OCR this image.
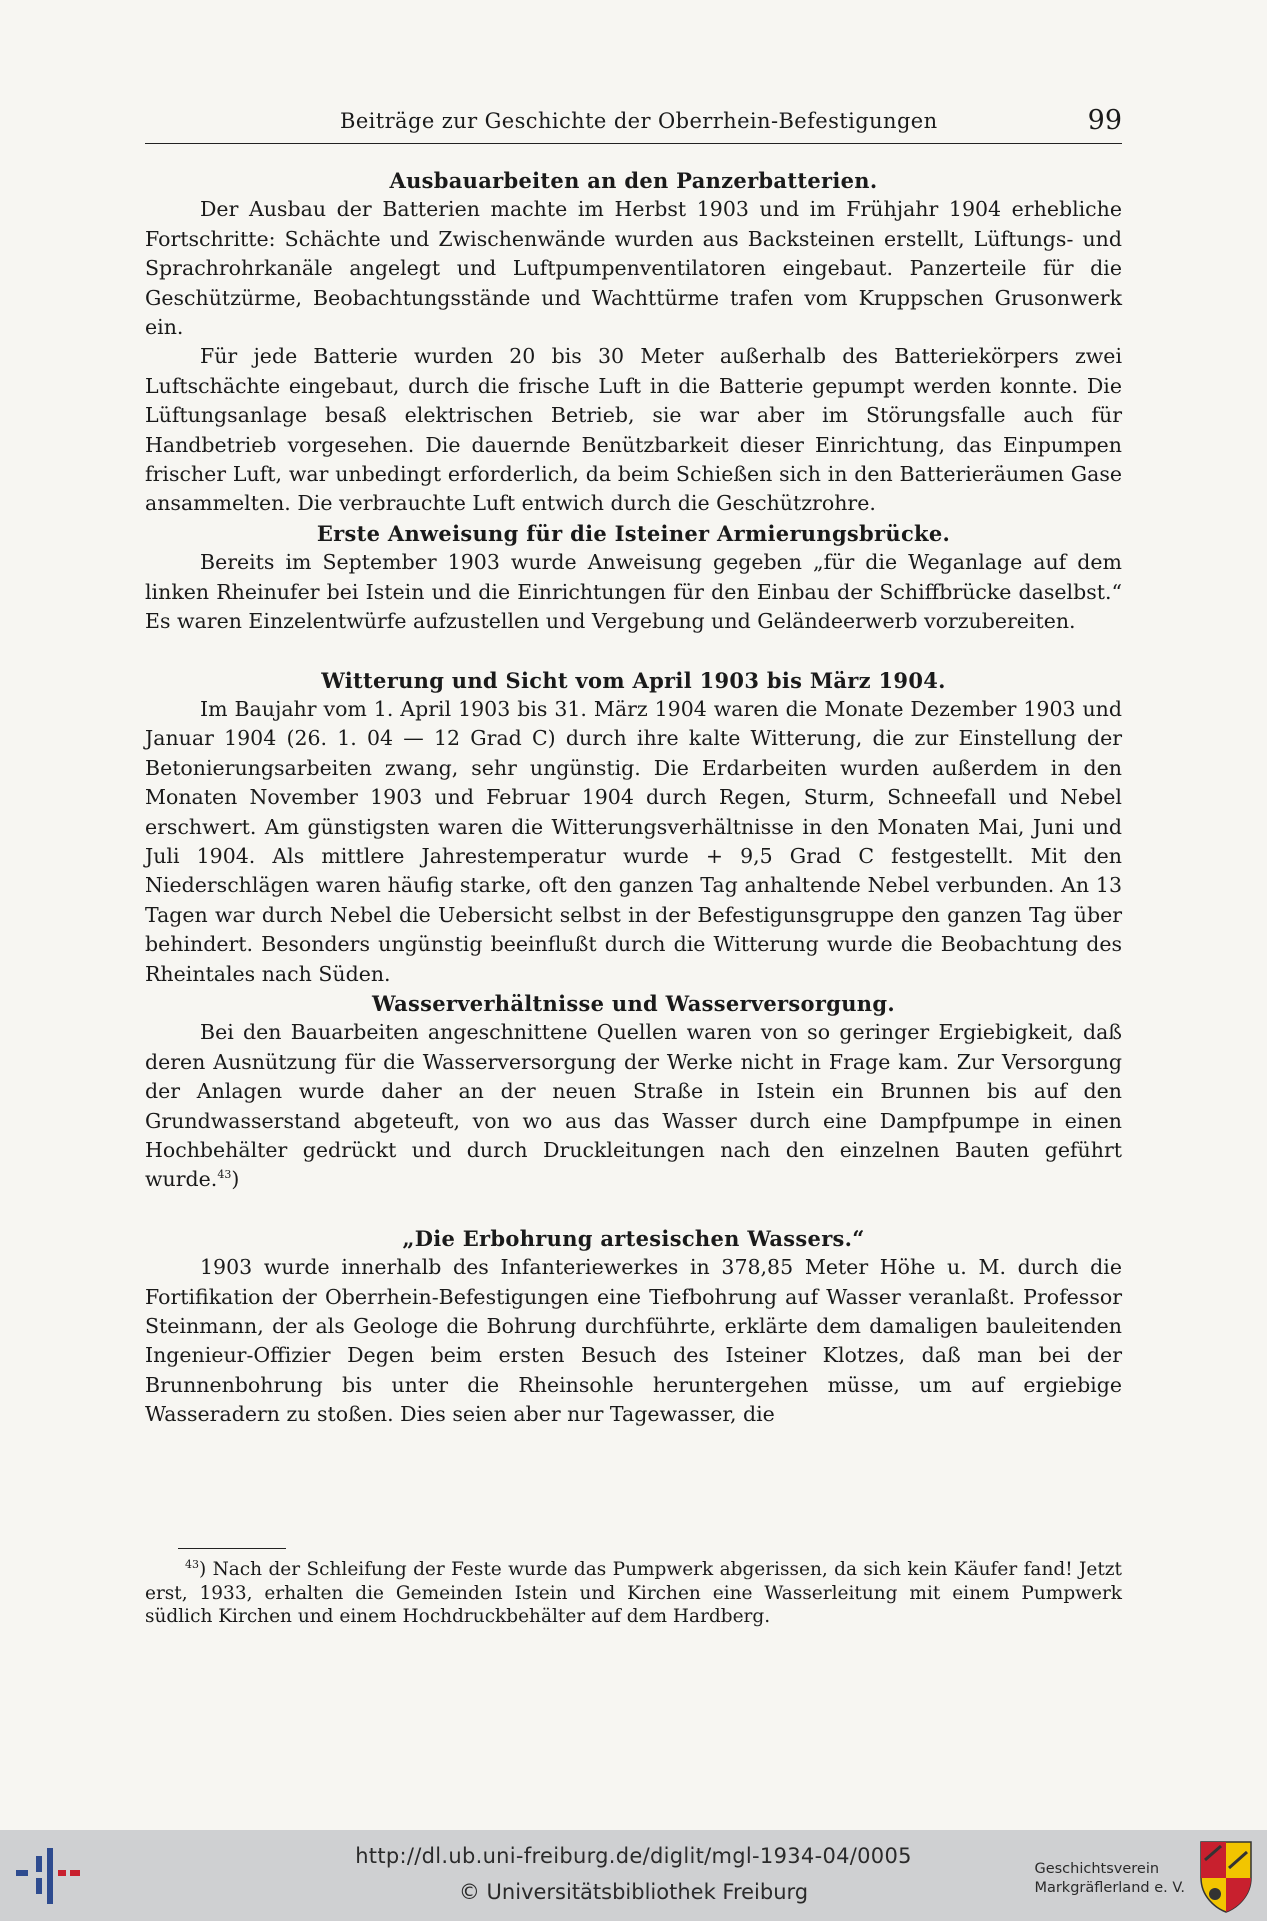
Beiträge zur Geschichte der Oberrhein-Befestigungen	99

Ausbauarbeiten an den Panzerbatterien.

Der Ausbau der Batterien machte im Herbst 1903 und im Frühjahr 1904 erhebliche Fortschritte: Schächte und Zwischenwände wurden aus Backsteinen erstellt, Lüftungs- und Sprachrohrkanäle angelegt und Luftpumpenventilatoren eingebaut. Panzerteile für die Geschützürme, Beobachtungsstände und Wachttürme trafen vom Kruppschen Grusonwerk ein.

Für jede Batterie wurden 20 bis 30 Meter außerhalb des Batteriekörpers zwei Luftschächte eingebaut, durch die frische Luft in die Batterie gepumpt werden konnte. Die Lüftungsanlage besaß elektrischen Betrieb, sie war aber im Störungsfalle auch für Handbetrieb vorgesehen. Die dauernde Benützbarkeit dieser Einrichtung, das Einpumpen frischer Luft, war unbedingt erforderlich, da beim Schießen sich in den Batterieräumen Gase ansammelten. Die verbrauchte Luft entwich durch die Geschützrohre.

Erste Anweisung für die Isteiner Armierungsbrücke.

Bereits im September 1903 wurde Anweisung gegeben „für die Weganlage auf dem linken Rheinufer bei Istein und die Einrichtungen für den Einbau der Schiffbrücke daselbst.“ Es waren Einzelentwürfe aufzustellen und Vergebung und Geländeerwerb vorzubereiten.

Witterung und Sicht vom April 1903 bis März 1904.

Im Baujahr vom 1. April 1903 bis 31. März 1904 waren die Monate Dezember 1903 und Januar 1904 (26. 1. 04 — 12 Grad C) durch ihre kalte Witterung, die zur Einstellung der Betonierungsarbeiten zwang, sehr ungünstig. Die Erdarbeiten wurden außerdem in den Monaten November 1903 und Februar 1904 durch Regen, Sturm, Schneefall und Nebel erschwert. Am günstigsten waren die Witterungsverhältnisse in den Monaten Mai, Juni und Juli 1904. Als mittlere Jahrestemperatur wurde + 9,5 Grad C festgestellt. Mit den Niederschlägen waren häufig starke, oft den ganzen Tag anhaltende Nebel verbunden. An 13 Tagen war durch Nebel die Uebersicht selbst in der Befestigunsgruppe den ganzen Tag über behindert. Besonders ungünstig beeinflußt durch die Witterung wurde die Beobachtung des Rheintales nach Süden.

Wasserverhältnisse und Wasserversorgung.

Bei den Bauarbeiten angeschnittene Quellen waren von so geringer Ergiebigkeit, daß deren Ausnützung für die Wasserversorgung der Werke nicht in Frage kam. Zur Versorgung der Anlagen wurde daher an der neuen Straße in Istein ein Brunnen bis auf den Grundwasserstand abgeteuft, von wo aus das Wasser durch eine Dampfpumpe in einen Hochbehälter gedrückt und durch Druckleitungen nach den einzelnen Bauten geführt wurde.$^{43}$)

„Die Erbohrung artesischen Wassers.“

1903 wurde innerhalb des Infanteriewerkes in 378,85 Meter Höhe u. M. durch die Fortifikation der Oberrhein-Befestigungen eine Tiefbohrung auf Wasser veranlaßt. Professor Steinmann, der als Geologe die Bohrung durchführte, erklärte dem damaligen bauleitenden Ingenieur-Offizier Degen beim ersten Besuch des Isteiner Klotzes, daß man bei der Brunnenbohrung bis unter die Rheinsohle heruntergehen müsse, um auf ergiebige Wasseradern zu stoßen. Dies seien aber nur Tagewasser, die

$^{43}$) Nach der Schleifung der Feste wurde das Pumpwerk abgerissen, da sich kein Käufer fand! Jetzt erst, 1933, erhalten die Gemeinden Istein und Kirchen eine Wasserleitung mit einem Pumpwerk südlich Kirchen und einem Hochdruckbehälter auf dem Hardberg.
http://dl.ub.uni-freiburg.de/diglit/mgl-1934-04/0005
© Universitätsbibliothek Freiburg
Geschichtsverein
Markgräflerland e. V.
